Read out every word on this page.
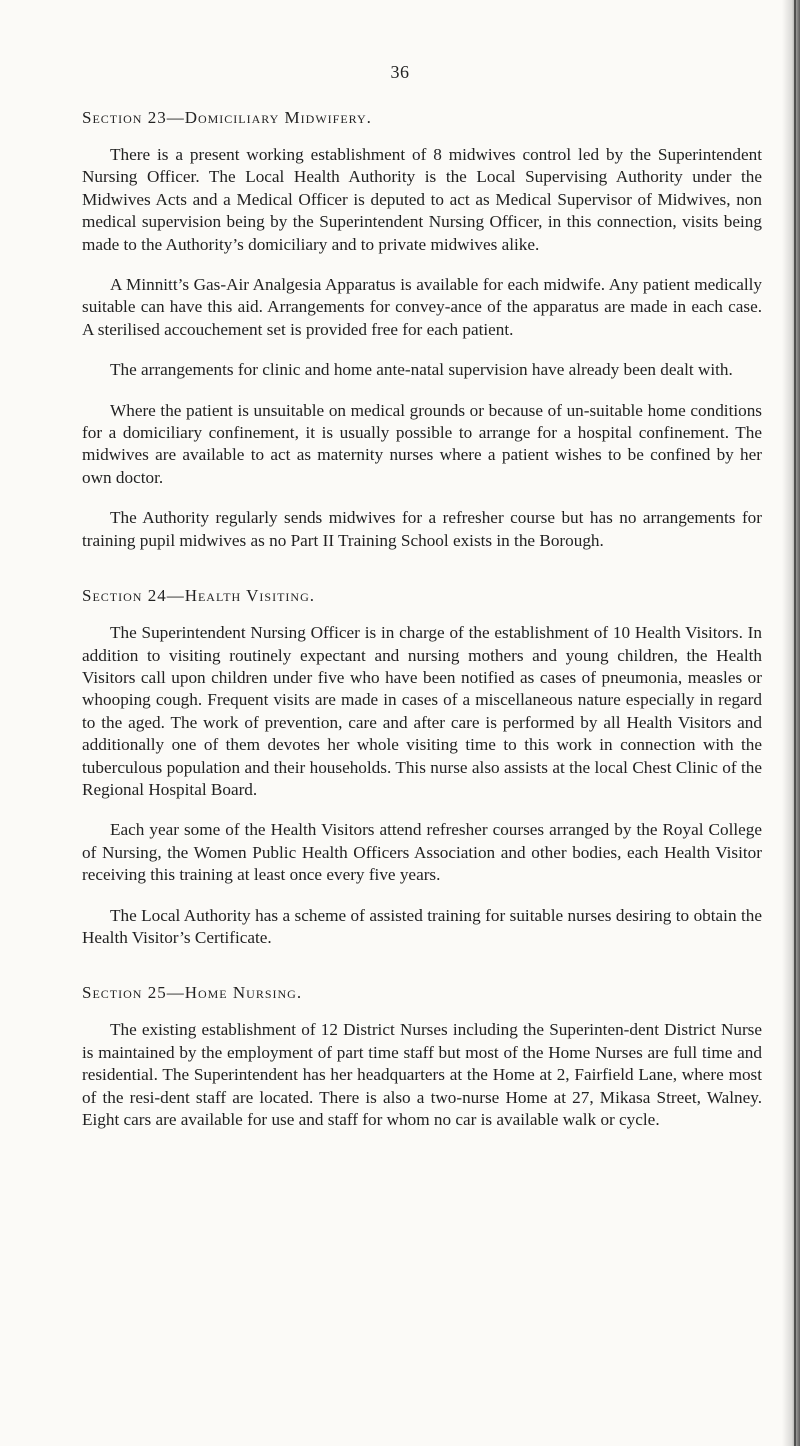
36
Section 23—Domiciliary Midwifery.

There is a present working establishment of 8 midwives control led by the Superintendent Nursing Officer. The Local Health Authority is the Local Supervising Authority under the Midwives Acts and a Medical Officer is deputed to act as Medical Supervisor of Midwives, non medical supervision being by the Superintendent Nursing Officer, in this connection, visits being made to the Authority’s domiciliary and to private midwives alike.

A Minnitt’s Gas-Air Analgesia Apparatus is available for each midwife. Any patient medically suitable can have this aid. Arrangements for convey-ance of the apparatus are made in each case. A sterilised accouchement set is provided free for each patient.

The arrangements for clinic and home ante-natal supervision have already been dealt with.

Where the patient is unsuitable on medical grounds or because of un-suitable home conditions for a domiciliary confinement, it is usually possible to arrange for a hospital confinement. The midwives are available to act as maternity nurses where a patient wishes to be confined by her own doctor.

The Authority regularly sends midwives for a refresher course but has no arrangements for training pupil midwives as no Part II Training School exists in the Borough.

Section 24—Health Visiting.

The Superintendent Nursing Officer is in charge of the establishment of 10 Health Visitors. In addition to visiting routinely expectant and nursing mothers and young children, the Health Visitors call upon children under five who have been notified as cases of pneumonia, measles or whooping cough. Frequent visits are made in cases of a miscellaneous nature especially in regard to the aged. The work of prevention, care and after care is performed by all Health Visitors and additionally one of them devotes her whole visiting time to this work in connection with the tuberculous population and their households. This nurse also assists at the local Chest Clinic of the Regional Hospital Board.

Each year some of the Health Visitors attend refresher courses arranged by the Royal College of Nursing, the Women Public Health Officers Association and other bodies, each Health Visitor receiving this training at least once every five years.

The Local Authority has a scheme of assisted training for suitable nurses desiring to obtain the Health Visitor’s Certificate.

Section 25—Home Nursing.

The existing establishment of 12 District Nurses including the Superinten-dent District Nurse is maintained by the employment of part time staff but most of the Home Nurses are full time and residential. The Superintendent has her headquarters at the Home at 2, Fairfield Lane, where most of the resi-dent staff are located. There is also a two-nurse Home at 27, Mikasa Street, Walney. Eight cars are available for use and staff for whom no car is available walk or cycle.
